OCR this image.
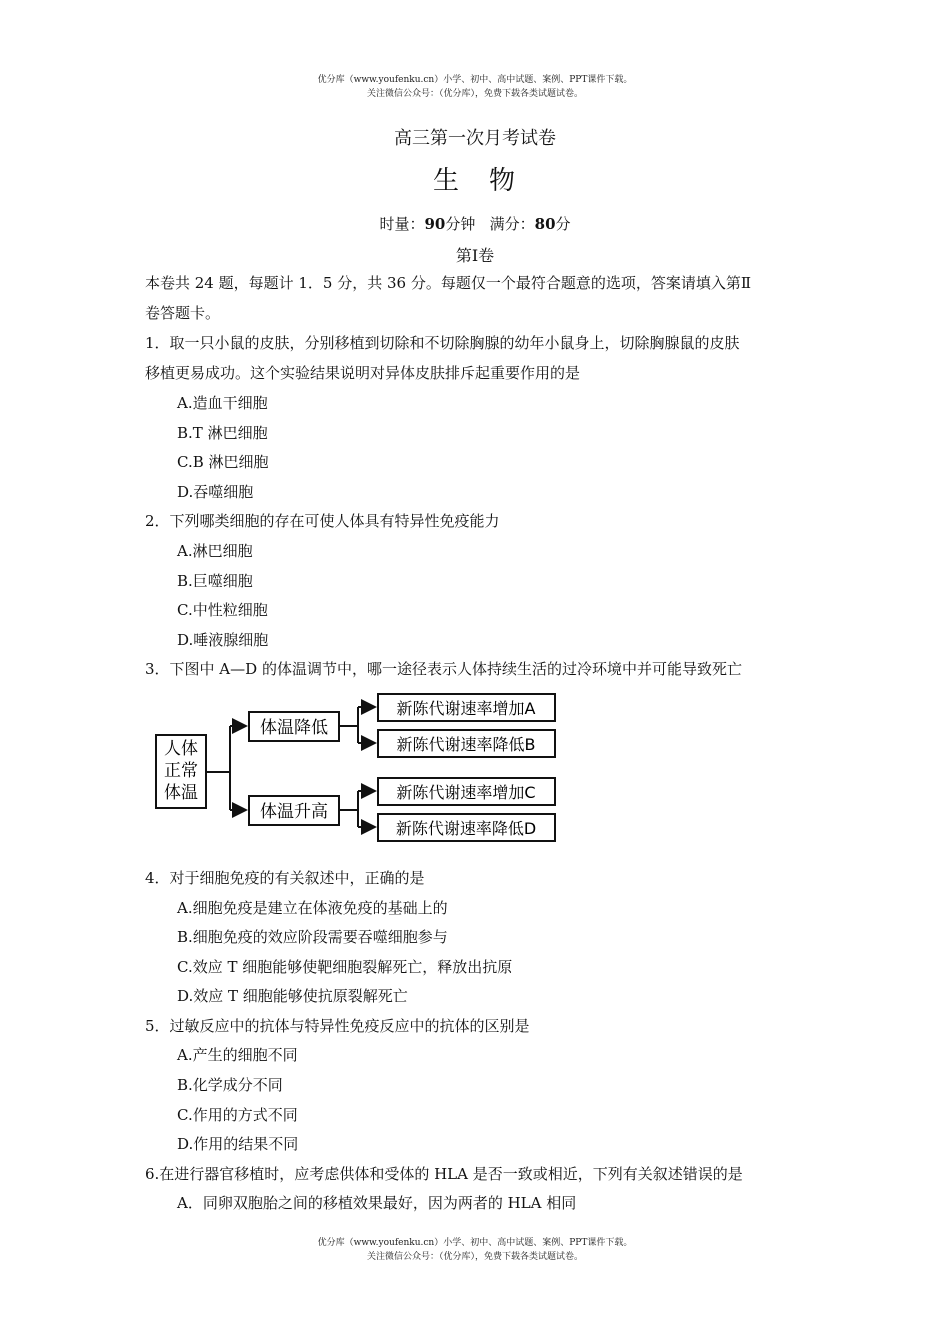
优分库（www.youfenku.cn）小学、初中、高中试题、案例、PPT课件下载。
关注微信公众号：（优分库），免费下载各类试题试卷。
高三第一次月考试卷
生　物
时量：90分钟 满分：80分
第Ⅰ卷
本卷共 24 题，每题计 1．5 分，共 36 分。每题仅一个最符合题意的选项，答案请填入第Ⅱ
卷答题卡。
1．取一只小鼠的皮肤，分别移植到切除和不切除胸腺的幼年小鼠身上，切除胸腺鼠的皮肤
移植更易成功。这个实验结果说明对异体皮肤排斥起重要作用的是
A.造血干细胞
B.T 淋巴细胞
C.B 淋巴细胞
D.吞噬细胞
2．下列哪类细胞的存在可使人体具有特异性免疫能力
A.淋巴细胞
B.巨噬细胞
C.中性粒细胞
D.唾液腺细胞
3．下图中 A—D 的体温调节中，哪一途径表示人体持续生活的过冷环境中并可能导致死亡
4．对于细胞免疫的有关叙述中，正确的是
A.细胞免疫是建立在体液免疫的基础上的
B.细胞免疫的效应阶段需要吞噬细胞参与
C.效应 T 细胞能够使靶细胞裂解死亡，释放出抗原
D.效应 T 细胞能够使抗原裂解死亡
5．过敏反应中的抗体与特异性免疫反应中的抗体的区别是
A.产生的细胞不同
B.化学成分不同
C.作用的方式不同
D.作用的结果不同
6.在进行器官移植时，应考虑供体和受体的 HLA 是否一致或相近，下列有关叙述错误的是
A．同卵双胞胎之间的移植效果最好，因为两者的 HLA 相同
人体
正常
体温
体温降低
体温升高
新陈代谢速率增加A
新陈代谢速率降低B
新陈代谢速率增加C
新陈代谢速率降低D
优分库（www.youfenku.cn）小学、初中、高中试题、案例、PPT课件下载。
关注微信公众号：（优分库），免费下载各类试题试卷。
